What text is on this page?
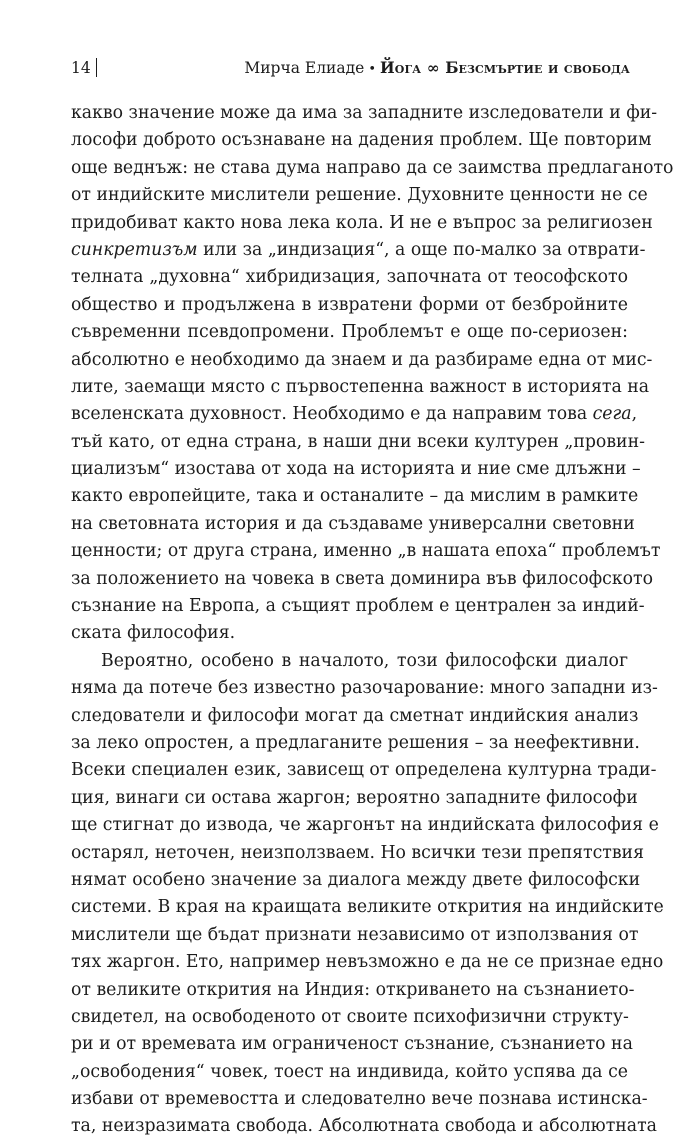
14	Мирча Елиаде • Йога ∞ Безсмъртие и свобода
какво значение може да има за западните изследователи и фи-
лософи доброто осъзнаване на дадения проблем. Ще повторим
още веднъж: не става дума направо да се заимства предлаганото
от индийските мислители решение. Духовните ценности не се
придобиват както нова лека кола. И не е въпрос за религиозен
синкретизъм или за „индизация“, а още по-малко за отврати-
телната „духовна“ хибридизация, започната от теософското
общество и продължена в извратени форми от безбройните
съвременни псевдопромени. Проблемът е още по-сериозен:
абсолютно е необходимо да знаем и да разбираме една от мис-
лите, заемащи място с първостепенна важност в историята на
вселенската духовност. Необходимо е да направим това сега,
тъй като, от една страна, в наши дни всеки културен „провин-
циализъм“ изостава от хода на историята и ние сме длъжни –
както европейците, така и останалите – да мислим в рамките
на световната история и да създаваме универсални световни
ценности; от друга страна, именно „в нашата епоха“ проблемът
за положението на човека в света доминира във философското
съзнание на Европа, а същият проблем е централен за индий-
ската философия.
Вероятно, особено в началото, този философски диалог
няма да потече без известно разочарование: много западни из-
следователи и философи могат да сметнат индийския анализ
за леко опростен, а предлаганите решения – за неефективни.
Всеки специален език, зависещ от определена културна тради-
ция, винаги си остава жаргон; вероятно западните философи
ще стигнат до извода, че жаргонът на индийската философия е
остарял, неточен, неизползваем. Но всички тези препятствия
нямат особено значение за диалога между двете философски
системи. В края на краищата великите открития на индийските
мислители ще бъдат признати независимо от използвания от
тях жаргон. Ето, например невъзможно е да не се признае едно
от великите открития на Индия: откриването на съзнанието-
свидетел, на освободеното от своите психофизични структу-
ри и от времевата им ограниченост съзнание, съзнанието на
„освободения“ човек, тоест на индивида, който успява да се
избави от времевостта и следователно вече познава истинска-
та, неизразимата свобода. Абсолютната свобода и абсолютната
